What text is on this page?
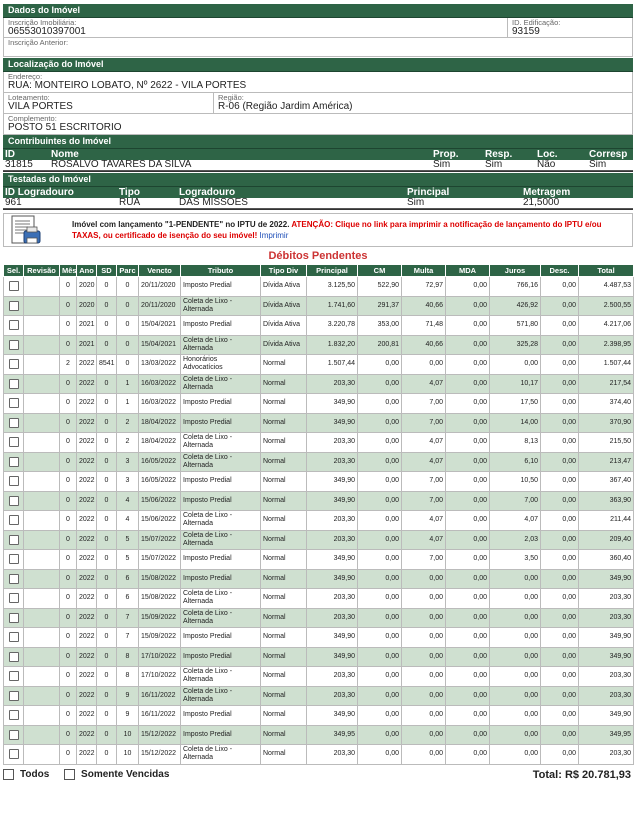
Dados do Imóvel
Inscrição Imobiliária:
06553010397001
ID. Edificação:
93159
Inscrição Anterior:
Localização do Imóvel
Endereço:
RUA: MONTEIRO LOBATO, Nº 2622 - VILA PORTES
Loteamento:
VILA PORTES
Região:
R-06 (Região Jardim América)
Complemento:
POSTO 51 ESCRITORIO
Contribuintes do Imóvel
ID	Nome	Prop.	Resp.	Loc.	Corresp
31815	ROSALVO TAVARES DA SILVA	Sim	Sim	Não	Sim
Testadas do Imóvel
ID Logradouro	Tipo	Logradouro	Principal	Metragem
961	RUA	DAS MISSOES	Sim	21,5000
Imóvel com lançamento "1-PENDENTE" no IPTU de 2022. ATENÇÃO: Clique no link para imprimir a notificação de lançamento do IPTU e/ou TAXAS, ou certificado de isenção do seu imóvel! Imprimir
Débitos Pendentes
Sel.	Revisão	Mês	Ano	SD	Parc	Vencto	Tributo	Tipo Div	Principal	CM	Multa	MDA	Juros	Desc.	Total
		0	2020	0	0	20/11/2020	Imposto Predial	Dívida Ativa	3.125,50	522,90	72,97	0,00	766,16	0,00	4.487,53
		0	2020	0	0	20/11/2020	Coleta de Lixo - Alternada	Dívida Ativa	1.741,60	291,37	40,66	0,00	426,92	0,00	2.500,55
		0	2021	0	0	15/04/2021	Imposto Predial	Dívida Ativa	3.220,78	353,00	71,48	0,00	571,80	0,00	4.217,06
		0	2021	0	0	15/04/2021	Coleta de Lixo - Alternada	Dívida Ativa	1.832,20	200,81	40,66	0,00	325,28	0,00	2.398,95
		2	2022	8541	0	13/03/2022	Honorários Advocatícios	Normal	1.507,44	0,00	0,00	0,00	0,00	0,00	1.507,44
		0	2022	0	1	16/03/2022	Coleta de Lixo - Alternada	Normal	203,30	0,00	4,07	0,00	10,17	0,00	217,54
		0	2022	0	1	16/03/2022	Imposto Predial	Normal	349,90	0,00	7,00	0,00	17,50	0,00	374,40
		0	2022	0	2	18/04/2022	Imposto Predial	Normal	349,90	0,00	7,00	0,00	14,00	0,00	370,90
		0	2022	0	2	18/04/2022	Coleta de Lixo - Alternada	Normal	203,30	0,00	4,07	0,00	8,13	0,00	215,50
		0	2022	0	3	16/05/2022	Coleta de Lixo - Alternada	Normal	203,30	0,00	4,07	0,00	6,10	0,00	213,47
		0	2022	0	3	16/05/2022	Imposto Predial	Normal	349,90	0,00	7,00	0,00	10,50	0,00	367,40
		0	2022	0	4	15/06/2022	Imposto Predial	Normal	349,90	0,00	7,00	0,00	7,00	0,00	363,90
		0	2022	0	4	15/06/2022	Coleta de Lixo - Alternada	Normal	203,30	0,00	4,07	0,00	4,07	0,00	211,44
		0	2022	0	5	15/07/2022	Coleta de Lixo - Alternada	Normal	203,30	0,00	4,07	0,00	2,03	0,00	209,40
		0	2022	0	5	15/07/2022	Imposto Predial	Normal	349,90	0,00	7,00	0,00	3,50	0,00	360,40
		0	2022	0	6	15/08/2022	Imposto Predial	Normal	349,90	0,00	0,00	0,00	0,00	0,00	349,90
		0	2022	0	6	15/08/2022	Coleta de Lixo - Alternada	Normal	203,30	0,00	0,00	0,00	0,00	0,00	203,30
		0	2022	0	7	15/09/2022	Coleta de Lixo - Alternada	Normal	203,30	0,00	0,00	0,00	0,00	0,00	203,30
		0	2022	0	7	15/09/2022	Imposto Predial	Normal	349,90	0,00	0,00	0,00	0,00	0,00	349,90
		0	2022	0	8	17/10/2022	Imposto Predial	Normal	349,90	0,00	0,00	0,00	0,00	0,00	349,90
		0	2022	0	8	17/10/2022	Coleta de Lixo - Alternada	Normal	203,30	0,00	0,00	0,00	0,00	0,00	203,30
		0	2022	0	9	16/11/2022	Coleta de Lixo - Alternada	Normal	203,30	0,00	0,00	0,00	0,00	0,00	203,30
		0	2022	0	9	16/11/2022	Imposto Predial	Normal	349,90	0,00	0,00	0,00	0,00	0,00	349,90
		0	2022	0	10	15/12/2022	Imposto Predial	Normal	349,95	0,00	0,00	0,00	0,00	0,00	349,95
		0	2022	0	10	15/12/2022	Coleta de Lixo - Alternada	Normal	203,30	0,00	0,00	0,00	0,00	0,00	203,30
Todos	Somente Vencidas	Total: R$ 20.781,93
